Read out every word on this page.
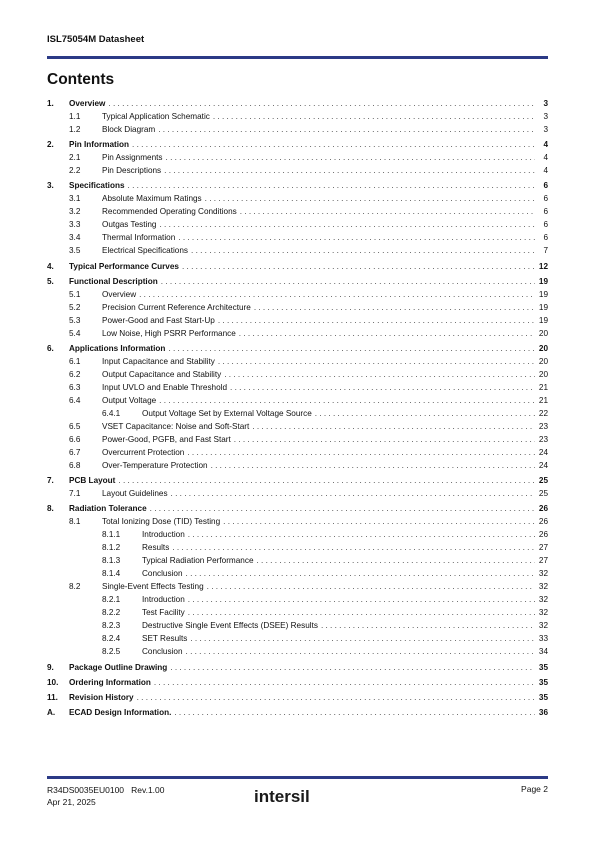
ISL75054M Datasheet
Contents
1. Overview . . .	3
1.1	Typical Application Schematic . . .	3
1.2	Block Diagram . . .	3
2. Pin Information . . .	4
2.1	Pin Assignments . . .	4
2.2	Pin Descriptions . . .	4
3. Specifications . . .	6
3.1	Absolute Maximum Ratings . . .	6
3.2	Recommended Operating Conditions . . .	6
3.3	Outgas Testing . . .	6
3.4	Thermal Information . . .	6
3.5	Electrical Specifications . . .	7
4. Typical Performance Curves . . .	12
5. Functional Description . . .	19
5.1	Overview . . .	19
5.2	Precision Current Reference Architecture . . .	19
5.3	Power-Good and Fast Start-Up . . .	19
5.4	Low Noise, High PSRR Performance . . .	20
6. Applications Information . . .	20
6.1	Input Capacitance and Stability . . .	20
6.2	Output Capacitance and Stability . . .	20
6.3	Input UVLO and Enable Threshold . . .	21
6.4	Output Voltage . . .	21
6.4.1	Output Voltage Set by External Voltage Source . . .	22
6.5	VSET Capacitance: Noise and Soft-Start . . .	23
6.6	Power-Good, PGFB, and Fast Start . . .	23
6.7	Overcurrent Protection . . .	24
6.8	Over-Temperature Protection . . .	24
7. PCB Layout . . .	25
7.1	Layout Guidelines . . .	25
8. Radiation Tolerance . . .	26
8.1	Total Ionizing Dose (TID) Testing . . .	26
8.1.1	Introduction . . .	26
8.1.2	Results . . .	27
8.1.3	Typical Radiation Performance . . .	27
8.1.4	Conclusion . . .	32
8.2	Single-Event Effects Testing . . .	32
8.2.1	Introduction . . .	32
8.2.2	Test Facility . . .	32
8.2.3	Destructive Single Event Effects (DSEE) Results . . .	32
8.2.4	SET Results . . .	33
8.2.5	Conclusion . . .	34
9. Package Outline Drawing . . .	35
10. Ordering Information . . .	35
11. Revision History . . .	35
A. ECAD Design Information. . . .	36
R34DS0035EU0100   Rev.1.00
Apr 21, 2025	intersil	Page 2
